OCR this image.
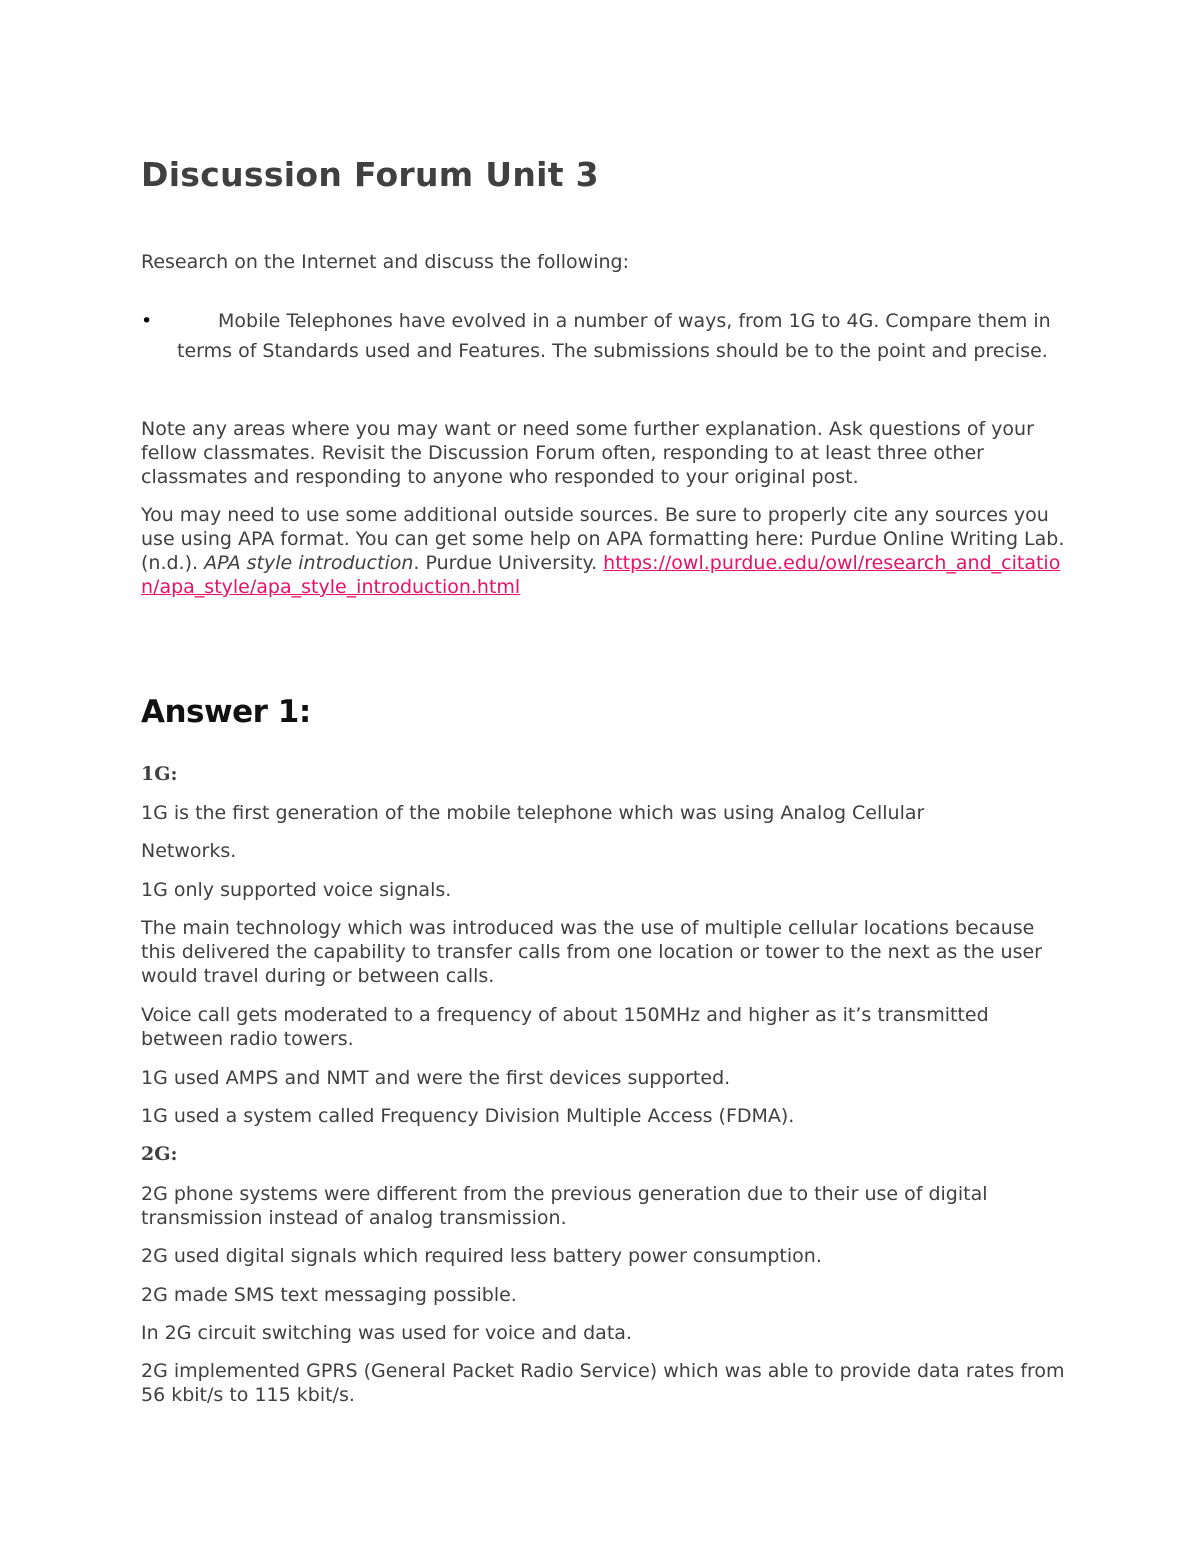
Discussion Forum Unit 3

Research on the Internet and discuss the following:

•	Mobile Telephones have evolved in a number of ways, from 1G to 4G. Compare them in terms of Standards used and Features. The submissions should be to the point and precise.

Note any areas where you may want or need some further explanation. Ask questions of your fellow classmates. Revisit the Discussion Forum often, responding to at least three other classmates and responding to anyone who responded to your original post.

You may need to use some additional outside sources. Be sure to properly cite any sources you use using APA format. You can get some help on APA formatting here: Purdue Online Writing Lab. (n.d.). APA style introduction. Purdue University. https://owl.purdue.edu/owl/research_and_citation/apa_style/apa_style_introduction.html

Answer 1:
1G:

1G is the first generation of the mobile telephone which was using Analog Cellular

Networks.

1G only supported voice signals.

The main technology which was introduced was the use of multiple cellular locations because this delivered the capability to transfer calls from one location or tower to the next as the user would travel during or between calls.

Voice call gets moderated to a frequency of about 150MHz and higher as it’s transmitted between radio towers.

1G used AMPS and NMT and were the first devices supported.

1G used a system called Frequency Division Multiple Access (FDMA).

2G:

2G phone systems were different from the previous generation due to their use of digital transmission instead of analog transmission.

2G used digital signals which required less battery power consumption.

2G made SMS text messaging possible.

In 2G circuit switching was used for voice and data.

2G implemented GPRS (General Packet Radio Service) which was able to provide data rates from 56 kbit/s to 115 kbit/s.
